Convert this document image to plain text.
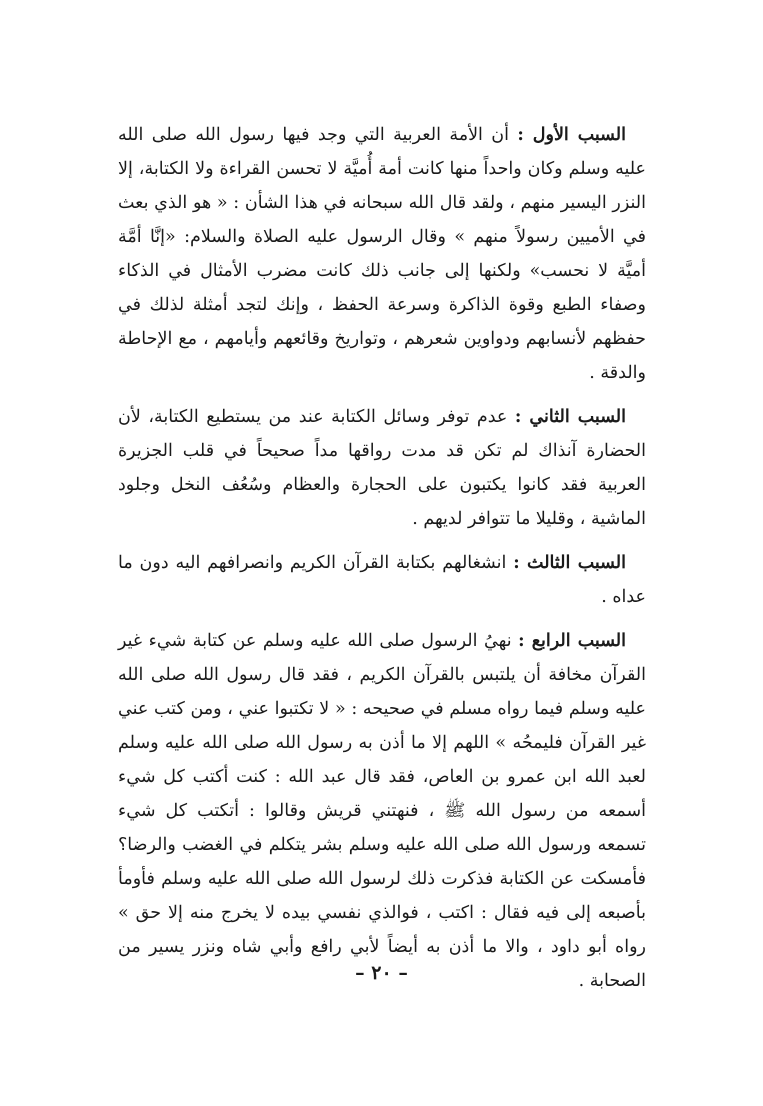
السبب الأول : أن الأمة العربية التي وجد فيها رسول الله صلى الله عليه وسلم وكان واحداً منها كانت أمة أُميَّة لا تحسن القراءة ولا الكتابة، إلا النزر اليسير منهم ، ولقد قال الله سبحانه في هذا الشأن : « هو الذي بعث في الأميين رسولاً منهم » وقال الرسول عليه الصلاة والسلام: «إنَّا أمَّة أميَّة لا نحسب» ولكنها إلى جانب ذلك كانت مضرب الأمثال في الذكاء وصفاء الطبع وقوة الذاكرة وسرعة الحفظ ، وإنك لتجد أمثلة لذلك في حفظهم لأنسابهم ودواوين شعرهم ، وتواريخ وقائعهم وأيامهم ، مع الإحاطة والدقة .

السبب الثاني : عدم توفر وسائل الكتابة عند من يستطيع الكتابة، لأن الحضارة آنذاك لم تكن قد مدت رواقها مداً صحيحاً في قلب الجزيرة العربية فقد كانوا يكتبون على الحجارة والعظام وسُعُف النخل وجلود الماشية ، وقليلا ما تتوافر لديهم .

السبب الثالث : انشغالهم بكتابة القرآن الكريم وانصرافهم اليه دون ما عداه .

السبب الرابع : نهيُ الرسول صلى الله عليه وسلم عن كتابة شيء غير القرآن مخافة أن يلتبس بالقرآن الكريم ، فقد قال رسول الله صلى الله عليه وسلم فيما رواه مسلم في صحيحه : « لا تكتبوا عني ، ومن كتب عني غير القرآن فليمحُه » اللهم إلا ما أذن به رسول الله صلى الله عليه وسلم لعبد الله ابن عمرو بن العاص، فقد قال عبد الله : كنت أكتب كل شيء أسمعه من رسول الله ﷺ ، فنهتني قريش وقالوا : أتكتب كل شيء تسمعه ورسول الله صلى الله عليه وسلم بشر يتكلم في الغضب والرضا؟ فأمسكت عن الكتابة فذكرت ذلك لرسول الله صلى الله عليه وسلم فأومأ بأصبعه إلى فيه فقال : اكتب ، فوالذي نفسي بيده لا يخرج منه إلا حق » رواه أبو داود ، والا ما أذن به أيضاً لأبي رافع وأبي شاه ونزر يسير من الصحابة .

– ٢٠ –
